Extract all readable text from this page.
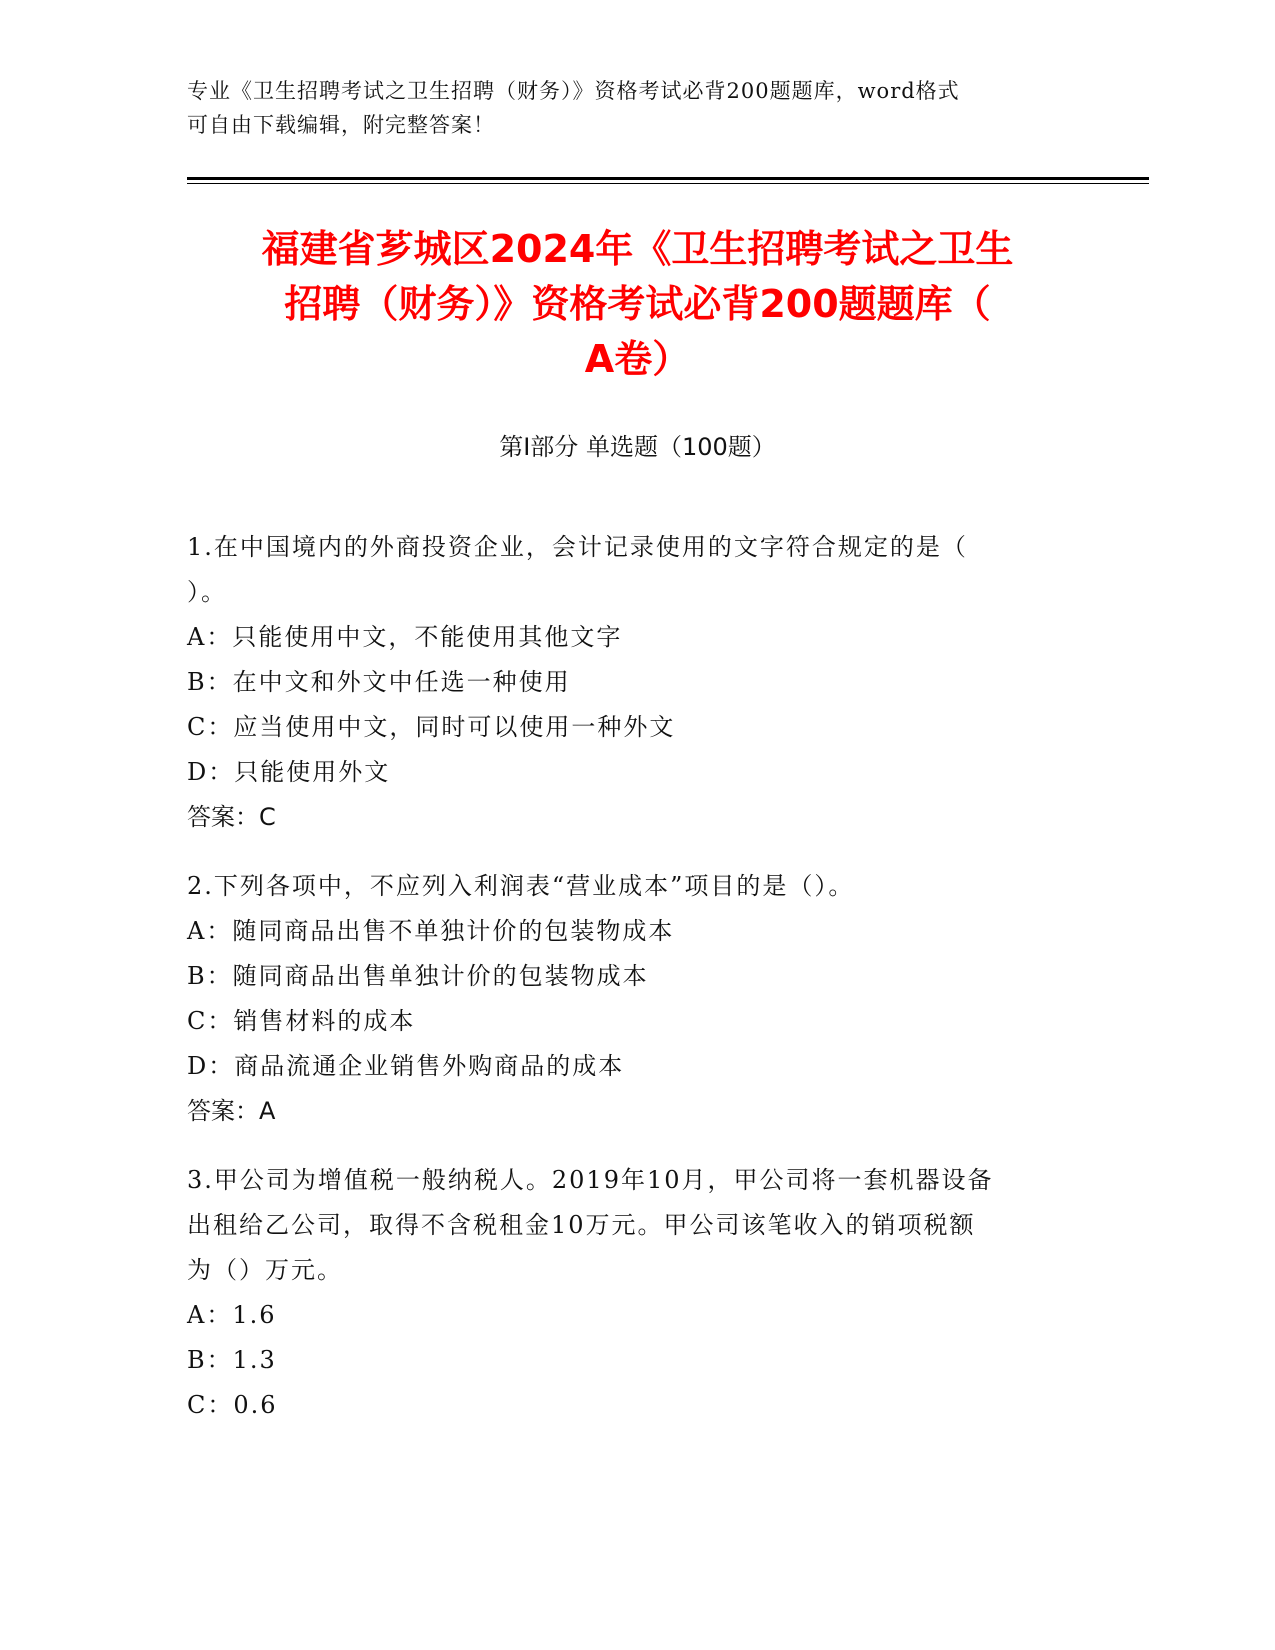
专业《卫生招聘考试之卫生招聘（财务）》资格考试必背200题题库，word格式
可自由下载编辑，附完整答案！
福建省芗城区2024年《卫生招聘考试之卫生
招聘（财务）》资格考试必背200题题库（
A卷）
第I部分 单选题（100题）
1.在中国境内的外商投资企业，会计记录使用的文字符合规定的是（
）。
A：只能使用中文，不能使用其他文字
B：在中文和外文中任选一种使用
C：应当使用中文，同时可以使用一种外文
D：只能使用外文
答案：C
2.下列各项中，不应列入利润表“营业成本”项目的是（）。
A：随同商品出售不单独计价的包装物成本
B：随同商品出售单独计价的包装物成本
C：销售材料的成本
D：商品流通企业销售外购商品的成本
答案：A
3.甲公司为增值税一般纳税人。2019年10月，甲公司将一套机器设备
出租给乙公司，取得不含税租金10万元。甲公司该笔收入的销项税额
为（）万元。
A：1.6
B：1.3
C：0.6
